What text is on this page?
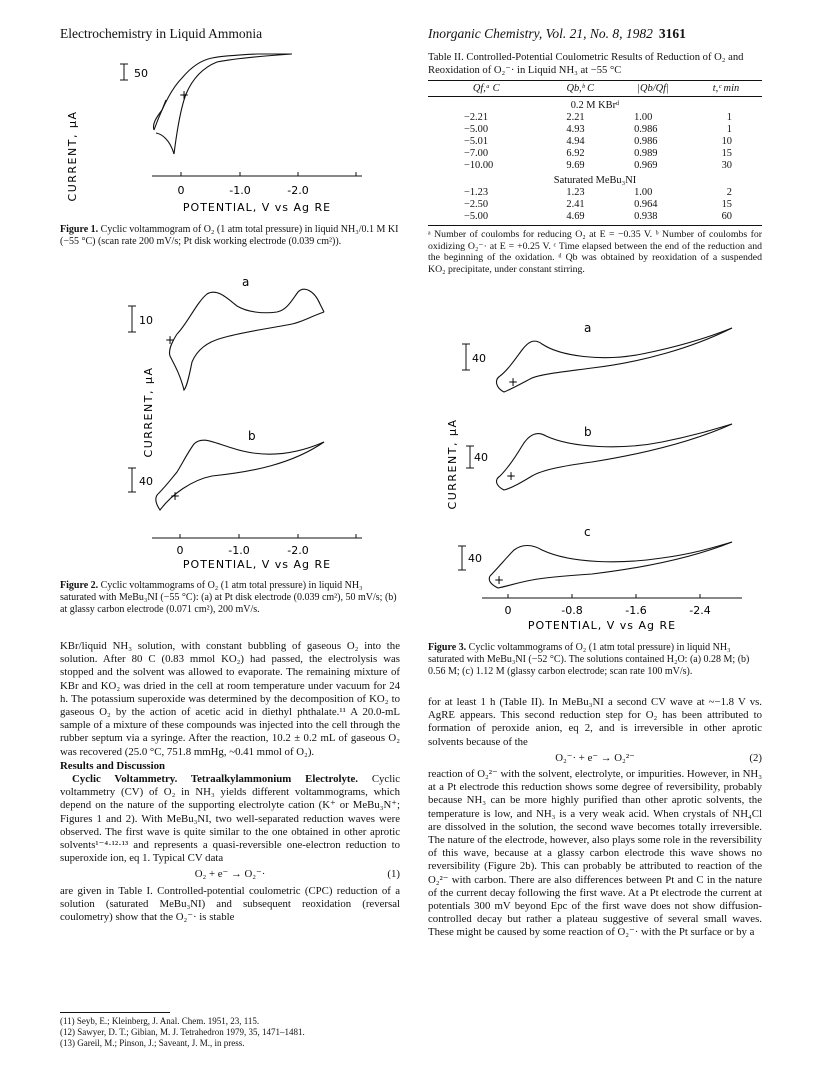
Electrochemistry in Liquid Ammonia	Inorganic Chemistry, Vol. 21, No. 8, 1982 3161
CURRENT, μA
50
+
0	-1.0	-2.0
POTENTIAL, V vs Ag RE
Figure 1. Cyclic voltammogram of O₂ (1 atm total pressure) in liquid NH₃/0.1 M KI (−55 °C) (scan rate 200 mV/s; Pt disk working electrode (0.039 cm²)).
a
10
+
CURRENT, μA	b
40
+
0	-1.0	-2.0
POTENTIAL, V vs Ag RE
Figure 2. Cyclic voltammograms of O₂ (1 atm total pressure) in liquid NH₃ saturated with MeBu₃NI (−55 °C): (a) at Pt disk electrode (0.039 cm²), 50 mV/s; (b) at glassy carbon electrode (0.071 cm²), 200 mV/s.

KBr/liquid NH₃ solution, with constant bubbling of gaseous O₂ into the solution. After 80 C (0.83 mmol KO₂) had passed, the electrolysis was stopped and the solvent was allowed to evaporate. The remaining mixture of KBr and KO₂ was dried in the cell at room temperature under vacuum for 24 h. The potassium superoxide was determined by the decomposition of KO₂ to gaseous O₂ by the action of acetic acid in diethyl phthalate.¹¹ A 20.0-mL sample of a mixture of these compounds was injected into the cell through the rubber septum via a syringe. After the reaction, 10.2 ± 0.2 mL of gaseous O₂ was recovered (25.0 °C, 751.8 mmHg, ~0.41 mmol of O₂).

Results and Discussion

Cyclic Voltammetry. Tetraalkylammonium Electrolyte. Cyclic voltammetry (CV) of O₂ in NH₃ yields different voltammograms, which depend on the nature of the supporting electrolyte cation (K⁺ or MeBu₃N⁺; Figures 1 and 2). With MeBu₃NI, two well-separated reduction waves were observed. The first wave is quite similar to the one obtained in other aprotic solvents¹⁻⁴·¹²·¹³ and represents a quasi-reversible one-electron reduction to superoxide ion, eq 1. Typical CV data

O₂ + e⁻ → O₂⁻·	(1)

are given in Table I. Controlled-potential coulometric (CPC) reduction of a solution (saturated MeBu₃NI) and subsequent reoxidation (reversal coulometry) show that the O₂⁻· is stable

(11) Seyb, E.; Kleinberg, J. Anal. Chem. 1951, 23, 115.
(12) Sawyer, D. T.; Gibian, M. J. Tetrahedron 1979, 35, 1471–1481.
(13) Gareil, M.; Pinson, J.; Saveant, J. M., in press.
Table II. Controlled-Potential Coulometric Results of Reduction of O₂ and Reoxidation of O₂⁻· in Liquid NH₃ at −55 °C
Qf,ᵃ C	Qb,ᵇ C	|Qb/Qf|	t,ᶜ min
0.2 M KBrᵈ			
−2.21	2.21	1.00	1
−5.00	4.93	0.986	1
−5.01	4.94	0.986	10
−7.00	6.92	0.989	15
−10.00	9.69	0.969	30
Saturated MeBu₃NI			
−1.23	1.23	1.00	2
−2.50	2.41	0.964	15
−5.00	4.69	0.938	60
ᵃ Number of coulombs for reducing O₂ at E = −0.35 V. ᵇ Number of coulombs for oxidizing O₂⁻· at E = +0.25 V. ᶜ Time elapsed between the end of the reduction and the beginning of the oxidation. ᵈ Qb was obtained by reoxidation of a suspended KO₂ precipitate, under constant stirring.
a
40
+
CURRENT, μA	b
40
+
c
40
+
0	-0.8	-1.6	-2.4
POTENTIAL, V vs Ag RE
Figure 3. Cyclic voltammograms of O₂ (1 atm total pressure) in liquid NH₃ saturated with MeBu₃NI (−52 °C). The solutions contained H₂O: (a) 0.28 M; (b) 0.56 M; (c) 1.12 M (glassy carbon electrode; scan rate 100 mV/s).

for at least 1 h (Table II). In MeBu₃NI a second CV wave at ~−1.8 V vs. AgRE appears. This second reduction step for O₂ has been attributed to formation of peroxide anion, eq 2, and is irreversible in other aprotic solvents because of the

O₂⁻· + e⁻ → O₂²⁻	(2)

reaction of O₂²⁻ with the solvent, electrolyte, or impurities. However, in NH₃ at a Pt electrode this reduction shows some degree of reversibility, probably because NH₃ can be more highly purified than other aprotic solvents, the temperature is low, and NH₃ is a very weak acid. When crystals of NH₄Cl are dissolved in the solution, the second wave becomes totally irreversible. The nature of the electrode, however, also plays some role in the reversibility of this wave, because at a glassy carbon electrode this wave shows no reversibility (Figure 2b). This can probably be attributed to reaction of the O₂²⁻ with carbon. There are also differences between Pt and C in the nature of the current decay following the first wave. At a Pt electrode the current at potentials 300 mV beyond Epc of the first wave does not show diffusion-controlled decay but rather a plateau suggestive of several small waves. These might be caused by some reaction of O₂⁻· with the Pt surface or by a
